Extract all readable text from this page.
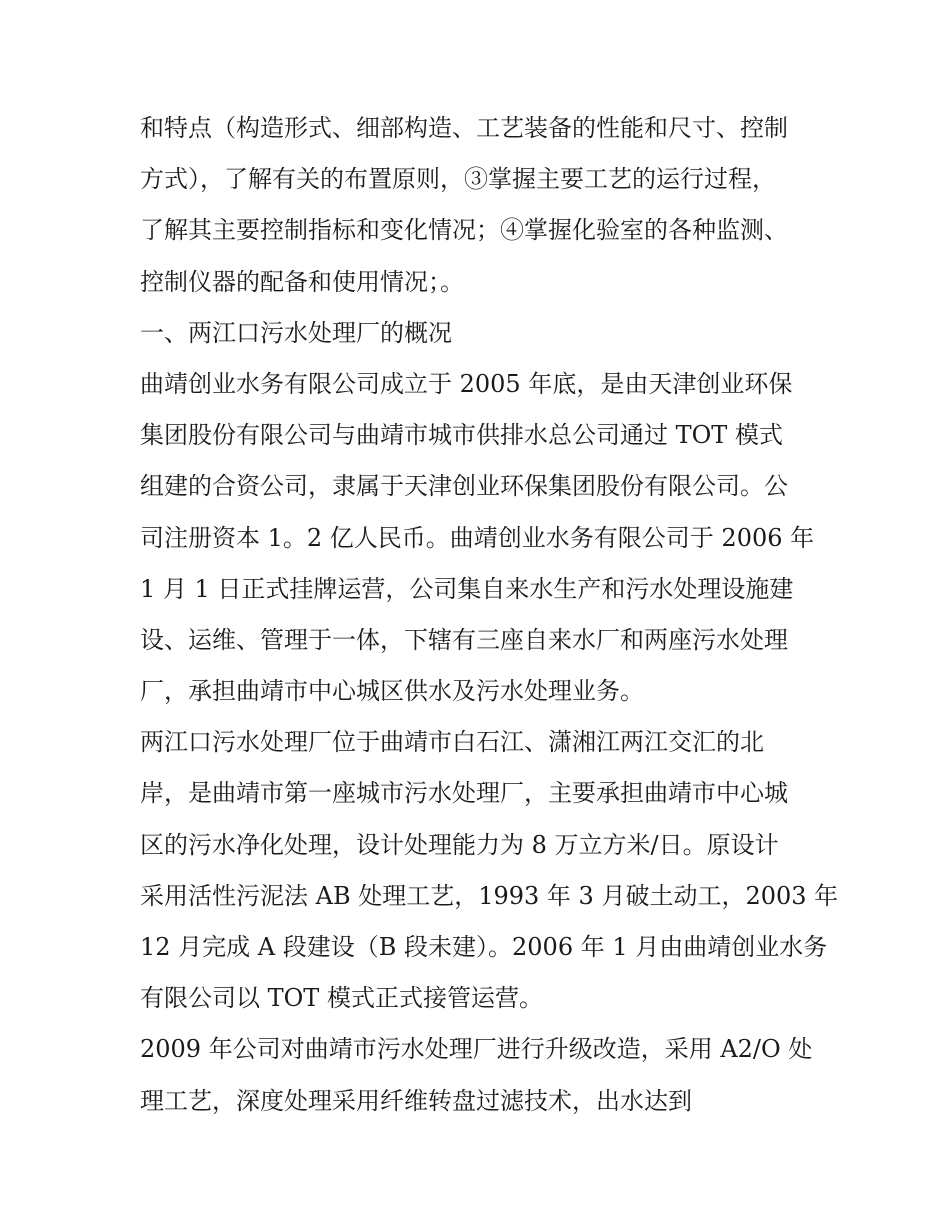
和特点（构造形式、细部构造、工艺装备的性能和尺寸、控制
方式），了解有关的布置原则，③掌握主要工艺的运行过程，
了解其主要控制指标和变化情况；④掌握化验室的各种监测、
控制仪器的配备和使用情况；。
一、两江口污水处理厂的概况
曲靖创业水务有限公司成立于 2005 年底，是由天津创业环保
集团股份有限公司与曲靖市城市供排水总公司通过 TOT 模式
组建的合资公司，隶属于天津创业环保集团股份有限公司。公
司注册资本 1。2 亿人民币。曲靖创业水务有限公司于 2006 年
1 月 1 日正式挂牌运营，公司集自来水生产和污水处理设施建
设、运维、管理于一体，下辖有三座自来水厂和两座污水处理
厂，承担曲靖市中心城区供水及污水处理业务。
两江口污水处理厂位于曲靖市白石江、潇湘江两江交汇的北
岸，是曲靖市第一座城市污水处理厂，主要承担曲靖市中心城
区的污水净化处理，设计处理能力为 8 万立方米/日。原设计
采用活性污泥法 AB 处理工艺，1993 年 3 月破土动工，2003 年
12 月完成 A 段建设（B 段未建）。2006 年 1 月由曲靖创业水务
有限公司以 TOT 模式正式接管运营。
2009 年公司对曲靖市污水处理厂进行升级改造，采用 A2/O 处
理工艺，深度处理采用纤维转盘过滤技术，出水达到
